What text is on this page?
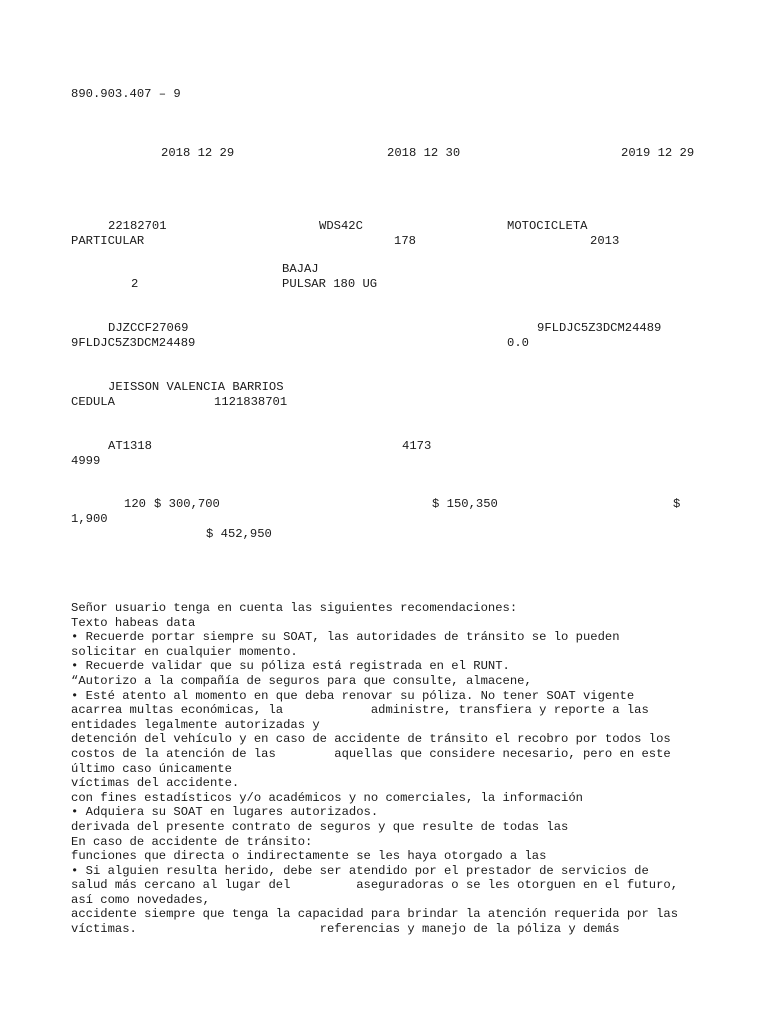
890.903.407 – 9
2018 12 29	2018 12 30	2019 12 29
22182701	WDS42C	MOTOCICLETA
PARTICULAR	178	2013
BAJAJ
2	PULSAR 180 UG
DJZCCF27069	9FLDJC5Z3DCM24489
9FLDJC5Z3DCM24489	0.0
JEISSON VALENCIA BARRIOS
CEDULA	1121838701
AT1318	4173
4999
120 $ 300,700	$ 150,350	$
1,900
$ 452,950
Señor usuario tenga en cuenta las siguientes recomendaciones:
Texto habeas data
• Recuerde portar siempre su SOAT, las autoridades de tránsito se lo pueden
solicitar en cualquier momento.
• Recuerde validar que su póliza está registrada en el RUNT.
“Autorizo a la compañía de seguros para que consulte, almacene,
• Esté atento al momento en que deba renovar su póliza. No tener SOAT vigente
acarrea multas económicas, la            administre, transfiera y reporte a las
entidades legalmente autorizadas y
detención del vehículo y en caso de accidente de tránsito el recobro por todos los
costos de la atención de las        aquellas que considere necesario, pero en este
último caso únicamente
víctimas del accidente.
con fines estadísticos y/o académicos y no comerciales, la información
• Adquiera su SOAT en lugares autorizados.
derivada del presente contrato de seguros y que resulte de todas las
En caso de accidente de tránsito:
funciones que directa o indirectamente se les haya otorgado a las
• Si alguien resulta herido, debe ser atendido por el prestador de servicios de
salud más cercano al lugar del         aseguradoras o se les otorguen en el futuro,
así como novedades,
accidente siempre que tenga la capacidad para brindar la atención requerida por las
víctimas.                         referencias y manejo de la póliza y demás
